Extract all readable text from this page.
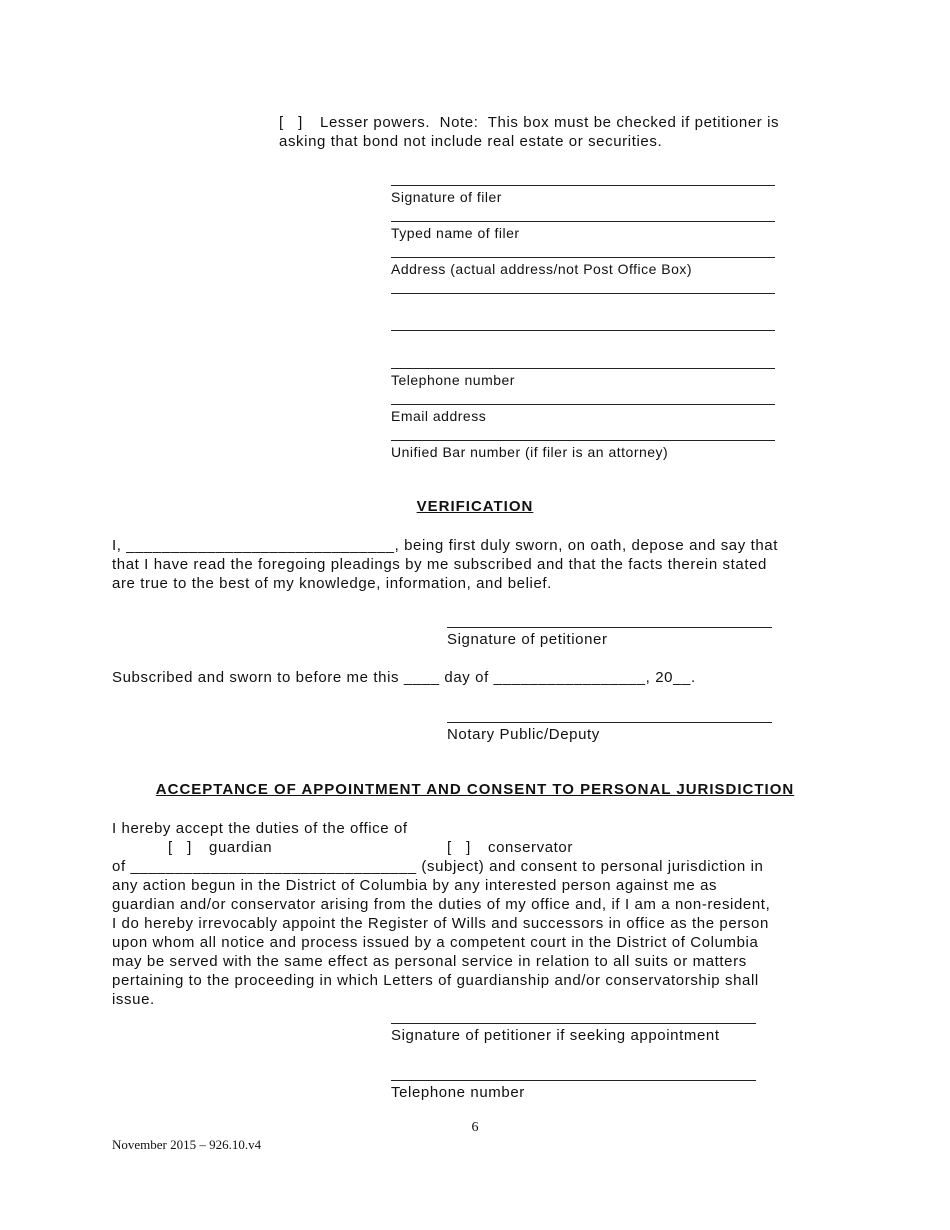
[   ] Lesser powers.  Note:  This box must be checked if petitioner is
asking that bond not include real estate or securities.
Signature of filer
Typed name of filer
Address (actual address/not Post Office Box)
Telephone number
Email address
Unified Bar number (if filer is an attorney)
VERIFICATION
I, ______________________________, being first duly sworn, on oath, depose and say that
that I have read the foregoing pleadings by me subscribed and that the facts therein stated
are true to the best of my knowledge, information, and belief.
Signature of petitioner
Subscribed and sworn to before me this ____ day of _________________, 20__.
Notary Public/Deputy
ACCEPTANCE OF APPOINTMENT AND CONSENT TO PERSONAL JURISDICTION
I hereby accept the duties of the office of
[   ] guardian	[   ] conservator
of ________________________________ (subject) and consent to personal jurisdiction in
any action begun in the District of Columbia by any interested person against me as
guardian and/or conservator arising from the duties of my office and, if I am a non-resident,
I do hereby irrevocably appoint the Register of Wills and successors in office as the person
upon whom all notice and process issued by a competent court in the District of Columbia
may be served with the same effect as personal service in relation to all suits or matters
pertaining to the proceeding in which Letters of guardianship and/or conservatorship shall
issue.
Signature of petitioner if seeking appointment
Telephone number
6
November 2015 – 926.10.v4
